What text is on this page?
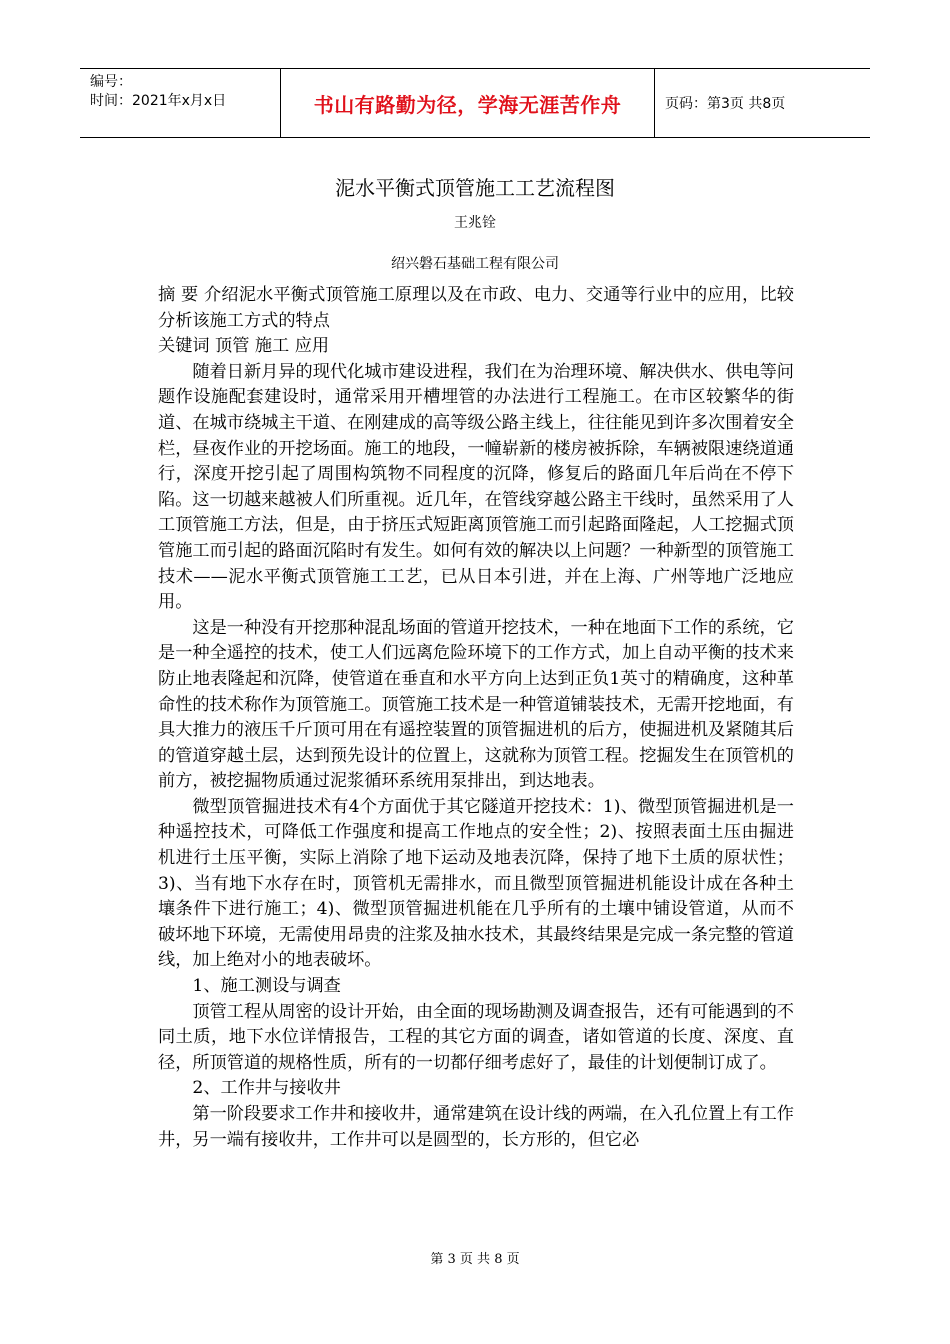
编号：
时间：2021年x月x日	书山有路勤为径，学海无涯苦作舟	页码：第3页 共8页
泥水平衡式顶管施工工艺流程图
王兆铨
绍兴磐石基础工程有限公司

摘 要 介绍泥水平衡式顶管施工原理以及在市政、电力、交通等行业中的应用，比较分析该施工方式的特点

关键词 顶管 施工 应用

随着日新月异的现代化城市建设进程，我们在为治理环境、解决供水、供电等问题作设施配套建设时，通常采用开槽埋管的办法进行工程施工。在市区较繁华的街道、在城市绕城主干道、在刚建成的高等级公路主线上，往往能见到许多次围着安全栏，昼夜作业的开挖场面。施工的地段，一幢崭新的楼房被拆除，车辆被限速绕道通行，深度开挖引起了周围构筑物不同程度的沉降，修复后的路面几年后尚在不停下陷。这一切越来越被人们所重视。近几年，在管线穿越公路主干线时，虽然采用了人工顶管施工方法，但是，由于挤压式短距离顶管施工而引起路面隆起，人工挖掘式顶管施工而引起的路面沉陷时有发生。如何有效的解决以上问题？一种新型的顶管施工技术——泥水平衡式顶管施工工艺，已从日本引进，并在上海、广州等地广泛地应用。

这是一种没有开挖那种混乱场面的管道开挖技术，一种在地面下工作的系统，它是一种全遥控的技术，使工人们远离危险环境下的工作方式，加上自动平衡的技术来防止地表隆起和沉降，使管道在垂直和水平方向上达到正负1英寸的精确度，这种革命性的技术称作为顶管施工。顶管施工技术是一种管道铺装技术，无需开挖地面，有具大推力的液压千斤顶可用在有遥控装置的顶管掘进机的后方，使掘进机及紧随其后的管道穿越土层，达到预先设计的位置上，这就称为顶管工程。挖掘发生在顶管机的前方，被挖掘物质通过泥浆循环系统用泵排出，到达地表。

微型顶管掘进技术有4个方面优于其它隧道开挖技术：1)、微型顶管掘进机是一种遥控技术，可降低工作强度和提高工作地点的安全性；2)、按照表面土压由掘进机进行土压平衡，实际上消除了地下运动及地表沉降，保持了地下土质的原状性；3)、当有地下水存在时，顶管机无需排水，而且微型顶管掘进机能设计成在各种土壤条件下进行施工；4)、微型顶管掘进机能在几乎所有的土壤中铺设管道，从而不破坏地下环境，无需使用昂贵的注浆及抽水技术，其最终结果是完成一条完整的管道线，加上绝对小的地表破坏。

1、施工测设与调查

顶管工程从周密的设计开始，由全面的现场勘测及调查报告，还有可能遇到的不同土质，地下水位详情报告，工程的其它方面的调查，诸如管道的长度、深度、直径，所顶管道的规格性质，所有的一切都仔细考虑好了，最佳的计划便制订成了。

2、工作井与接收井

第一阶段要求工作井和接收井，通常建筑在设计线的两端，在入孔位置上有工作井，另一端有接收井，工作井可以是圆型的，长方形的，但它必

第 3 页 共 8 页
